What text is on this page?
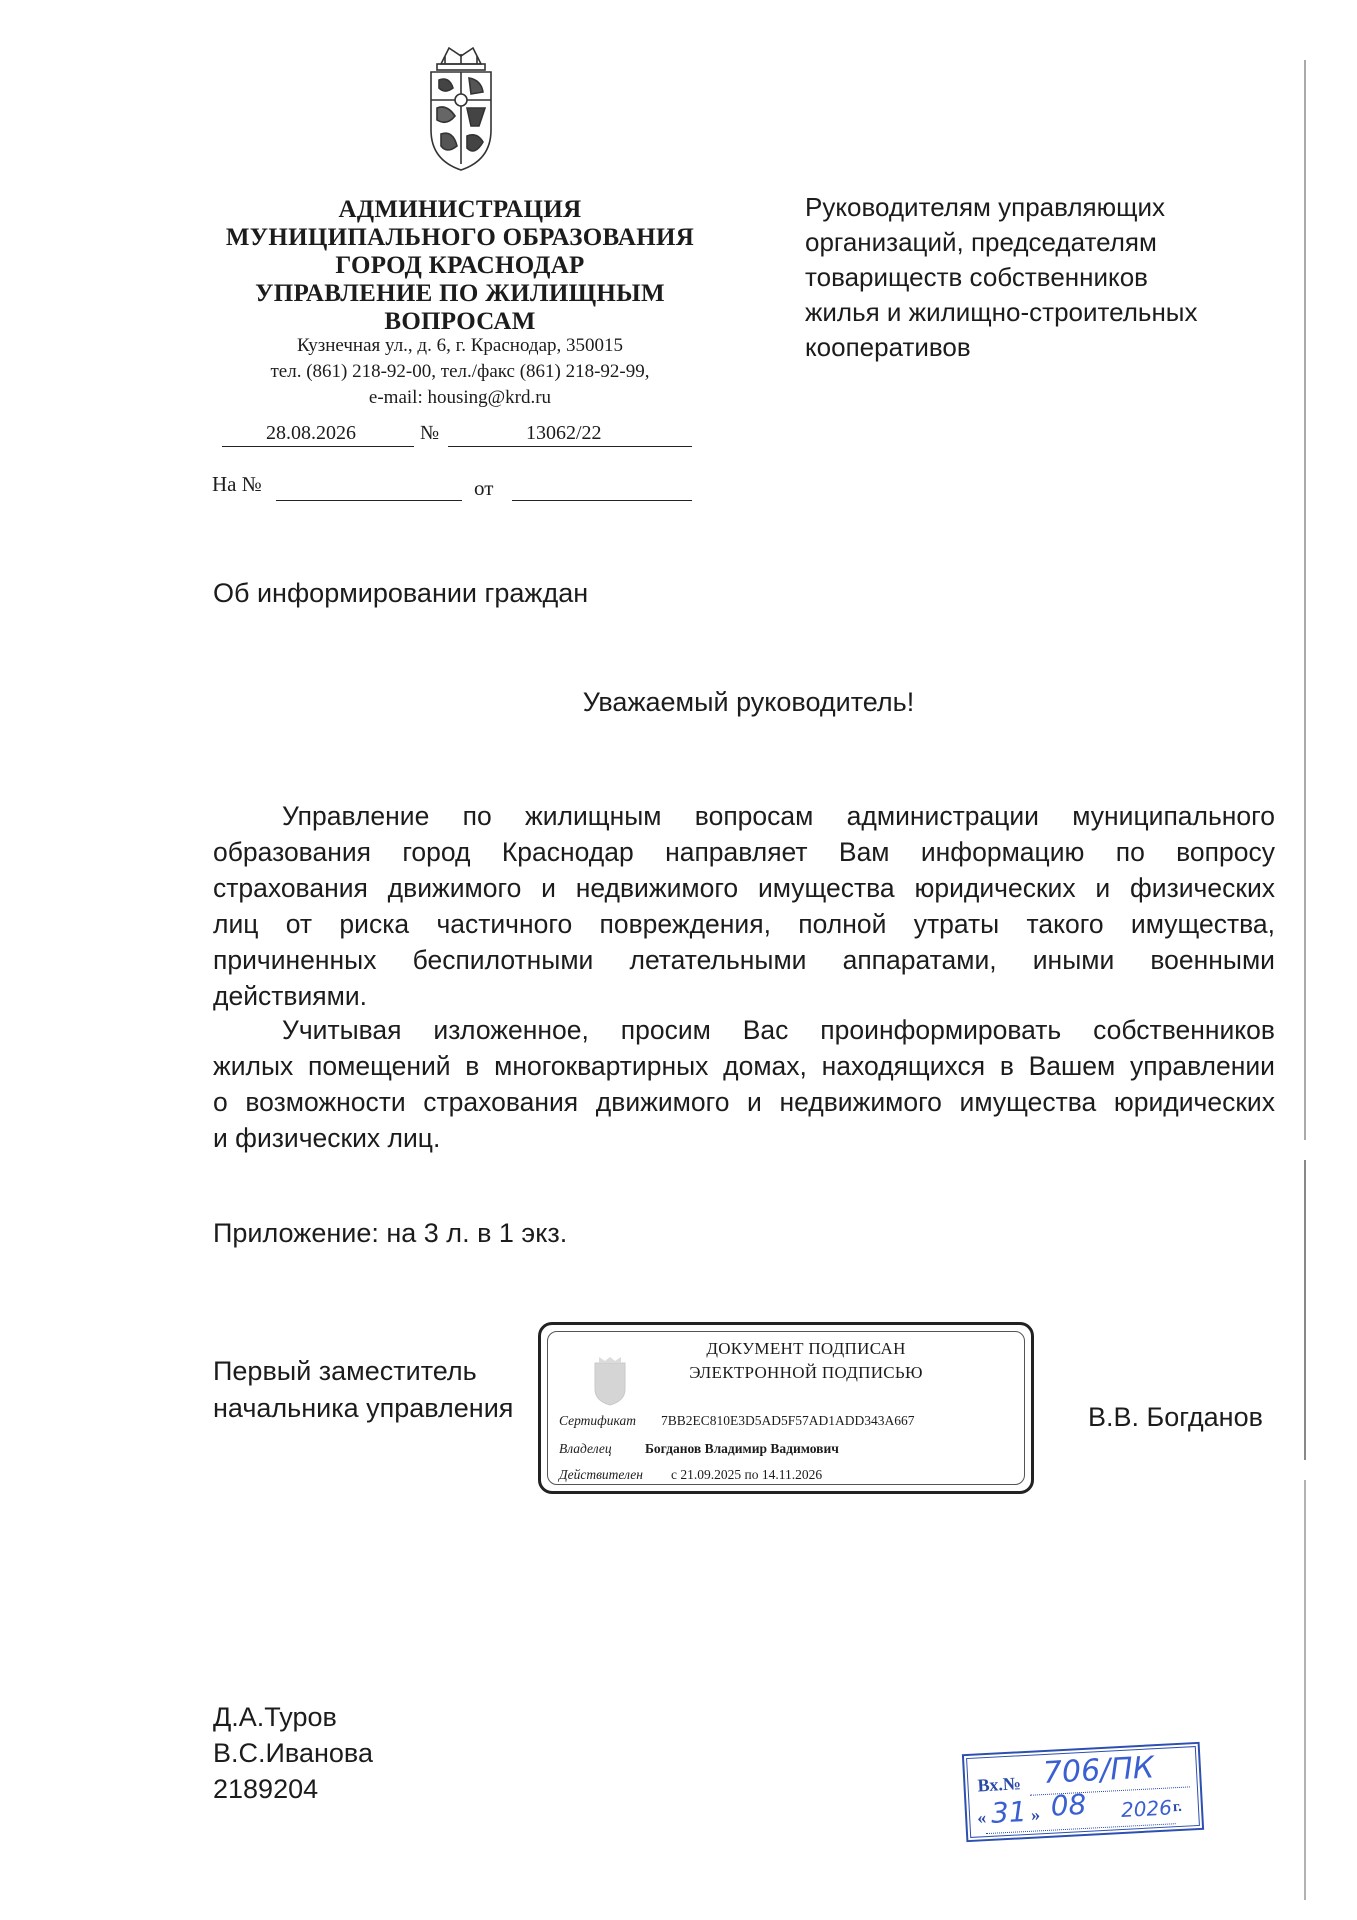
АДМИНИСТРАЦИЯ
МУНИЦИПАЛЬНОГО ОБРАЗОВАНИЯ
ГОРОД КРАСНОДАР
УПРАВЛЕНИЕ ПО ЖИЛИЩНЫМ
ВОПРОСАМ
Кузнечная ул., д. 6, г. Краснодар, 350015
тел. (861) 218-92-00, тел./факс (861) 218-92-99,
e-mail: housing@krd.ru
28.08.2026	№	13062/22
На №	от
Руководителям управляющих
организаций, председателям
товариществ собственников
жилья и жилищно-строительных
кооперативов
Об информировании граждан
Уважаемый руководитель!
Управление по жилищным вопросам администрации муниципального
образования город Краснодар направляет Вам информацию по вопросу
страхования движимого и недвижимого имущества юридических и физических
лиц от риска частичного повреждения, полной утраты такого имущества,
причиненных беспилотными летательными аппаратами, иными военными
действиями.
Учитывая изложенное, просим Вас проинформировать собственников
жилых помещений в многоквартирных домах, находящихся в Вашем управлении
о возможности страхования движимого и недвижимого имущества юридических
и физических лиц.
Приложение: на 3 л. в 1 экз.
Первый заместитель
начальника управления	В.В. Богданов
ДОКУМЕНТ ПОДПИСАН
ЭЛЕКТРОННОЙ ПОДПИСЬЮ
Сертификат 7BB2EC810E3D5AD5F57AD1ADD343A667
Владелец Богданов Владимир Вадимович
Действителен с 21.09.2025 по 14.11.2026
Д.А.Туров
В.С.Иванова
2189204	Вх.№ 706/ПК
« 31 » 08 2026 г.
